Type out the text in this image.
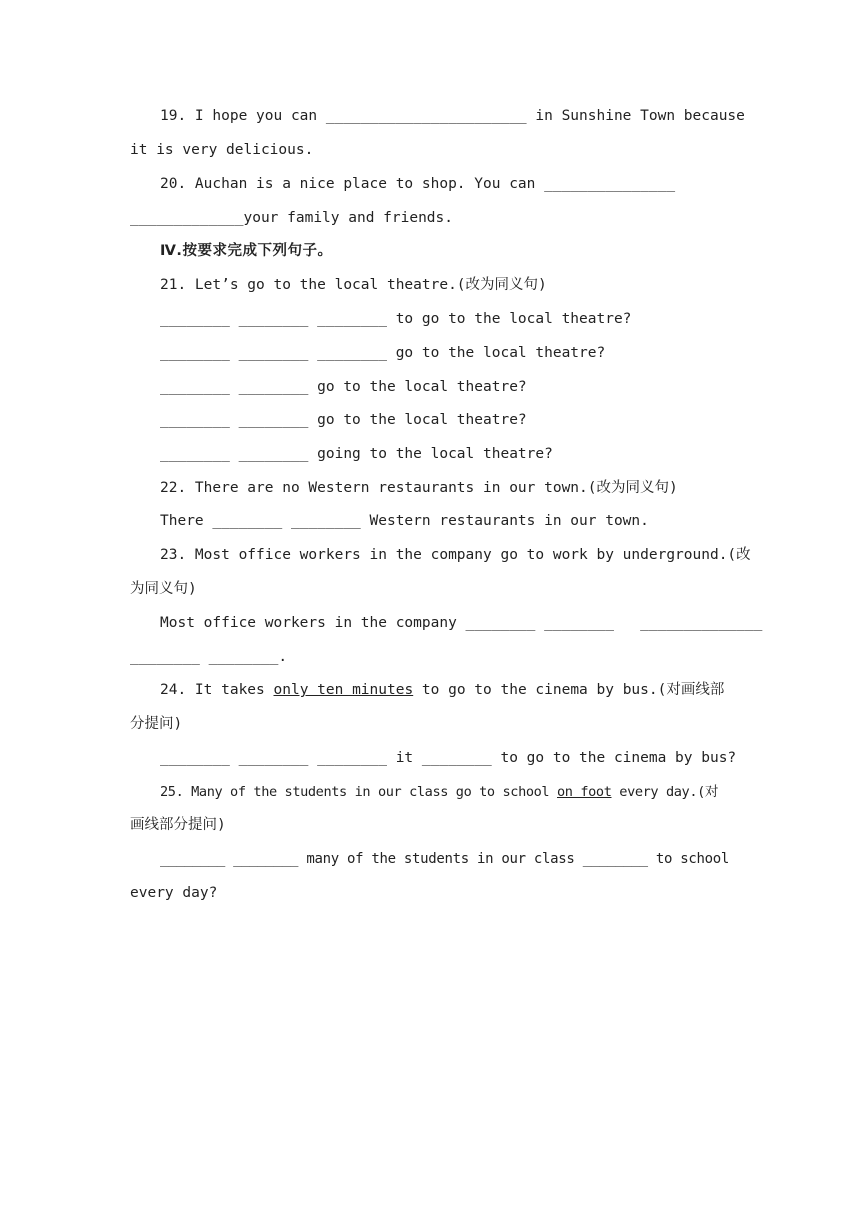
19. I hope you can _______________________ in Sunshine Town because
it is very delicious.
20. Auchan is a nice place to shop. You can _______________
_____________your family and friends.
Ⅳ.按要求完成下列句子。
21. Let’s go to the local theatre.(改为同义句)
________ ________ ________ to go to the local theatre?
________ ________ ________ go to the local theatre?
________ ________ go to the local theatre?
________ ________ go to the local theatre?
________ ________ going to the local theatre?
22. There are no Western restaurants in our town.(改为同义句)
There ________ ________ Western restaurants in our town.
23. Most office workers in the company go to work by underground.(改
为同义句)
Most office workers in the company ________ ________   ______________
________ ________.
24. It takes only ten minutes to go to the cinema by bus.(对画线部
分提问)
________ ________ ________ it ________ to go to the cinema by bus?
25. Many of the students in our class go to school on foot every day.(对
画线部分提问)
________ ________ many of the students in our class ________ to school
every day?
